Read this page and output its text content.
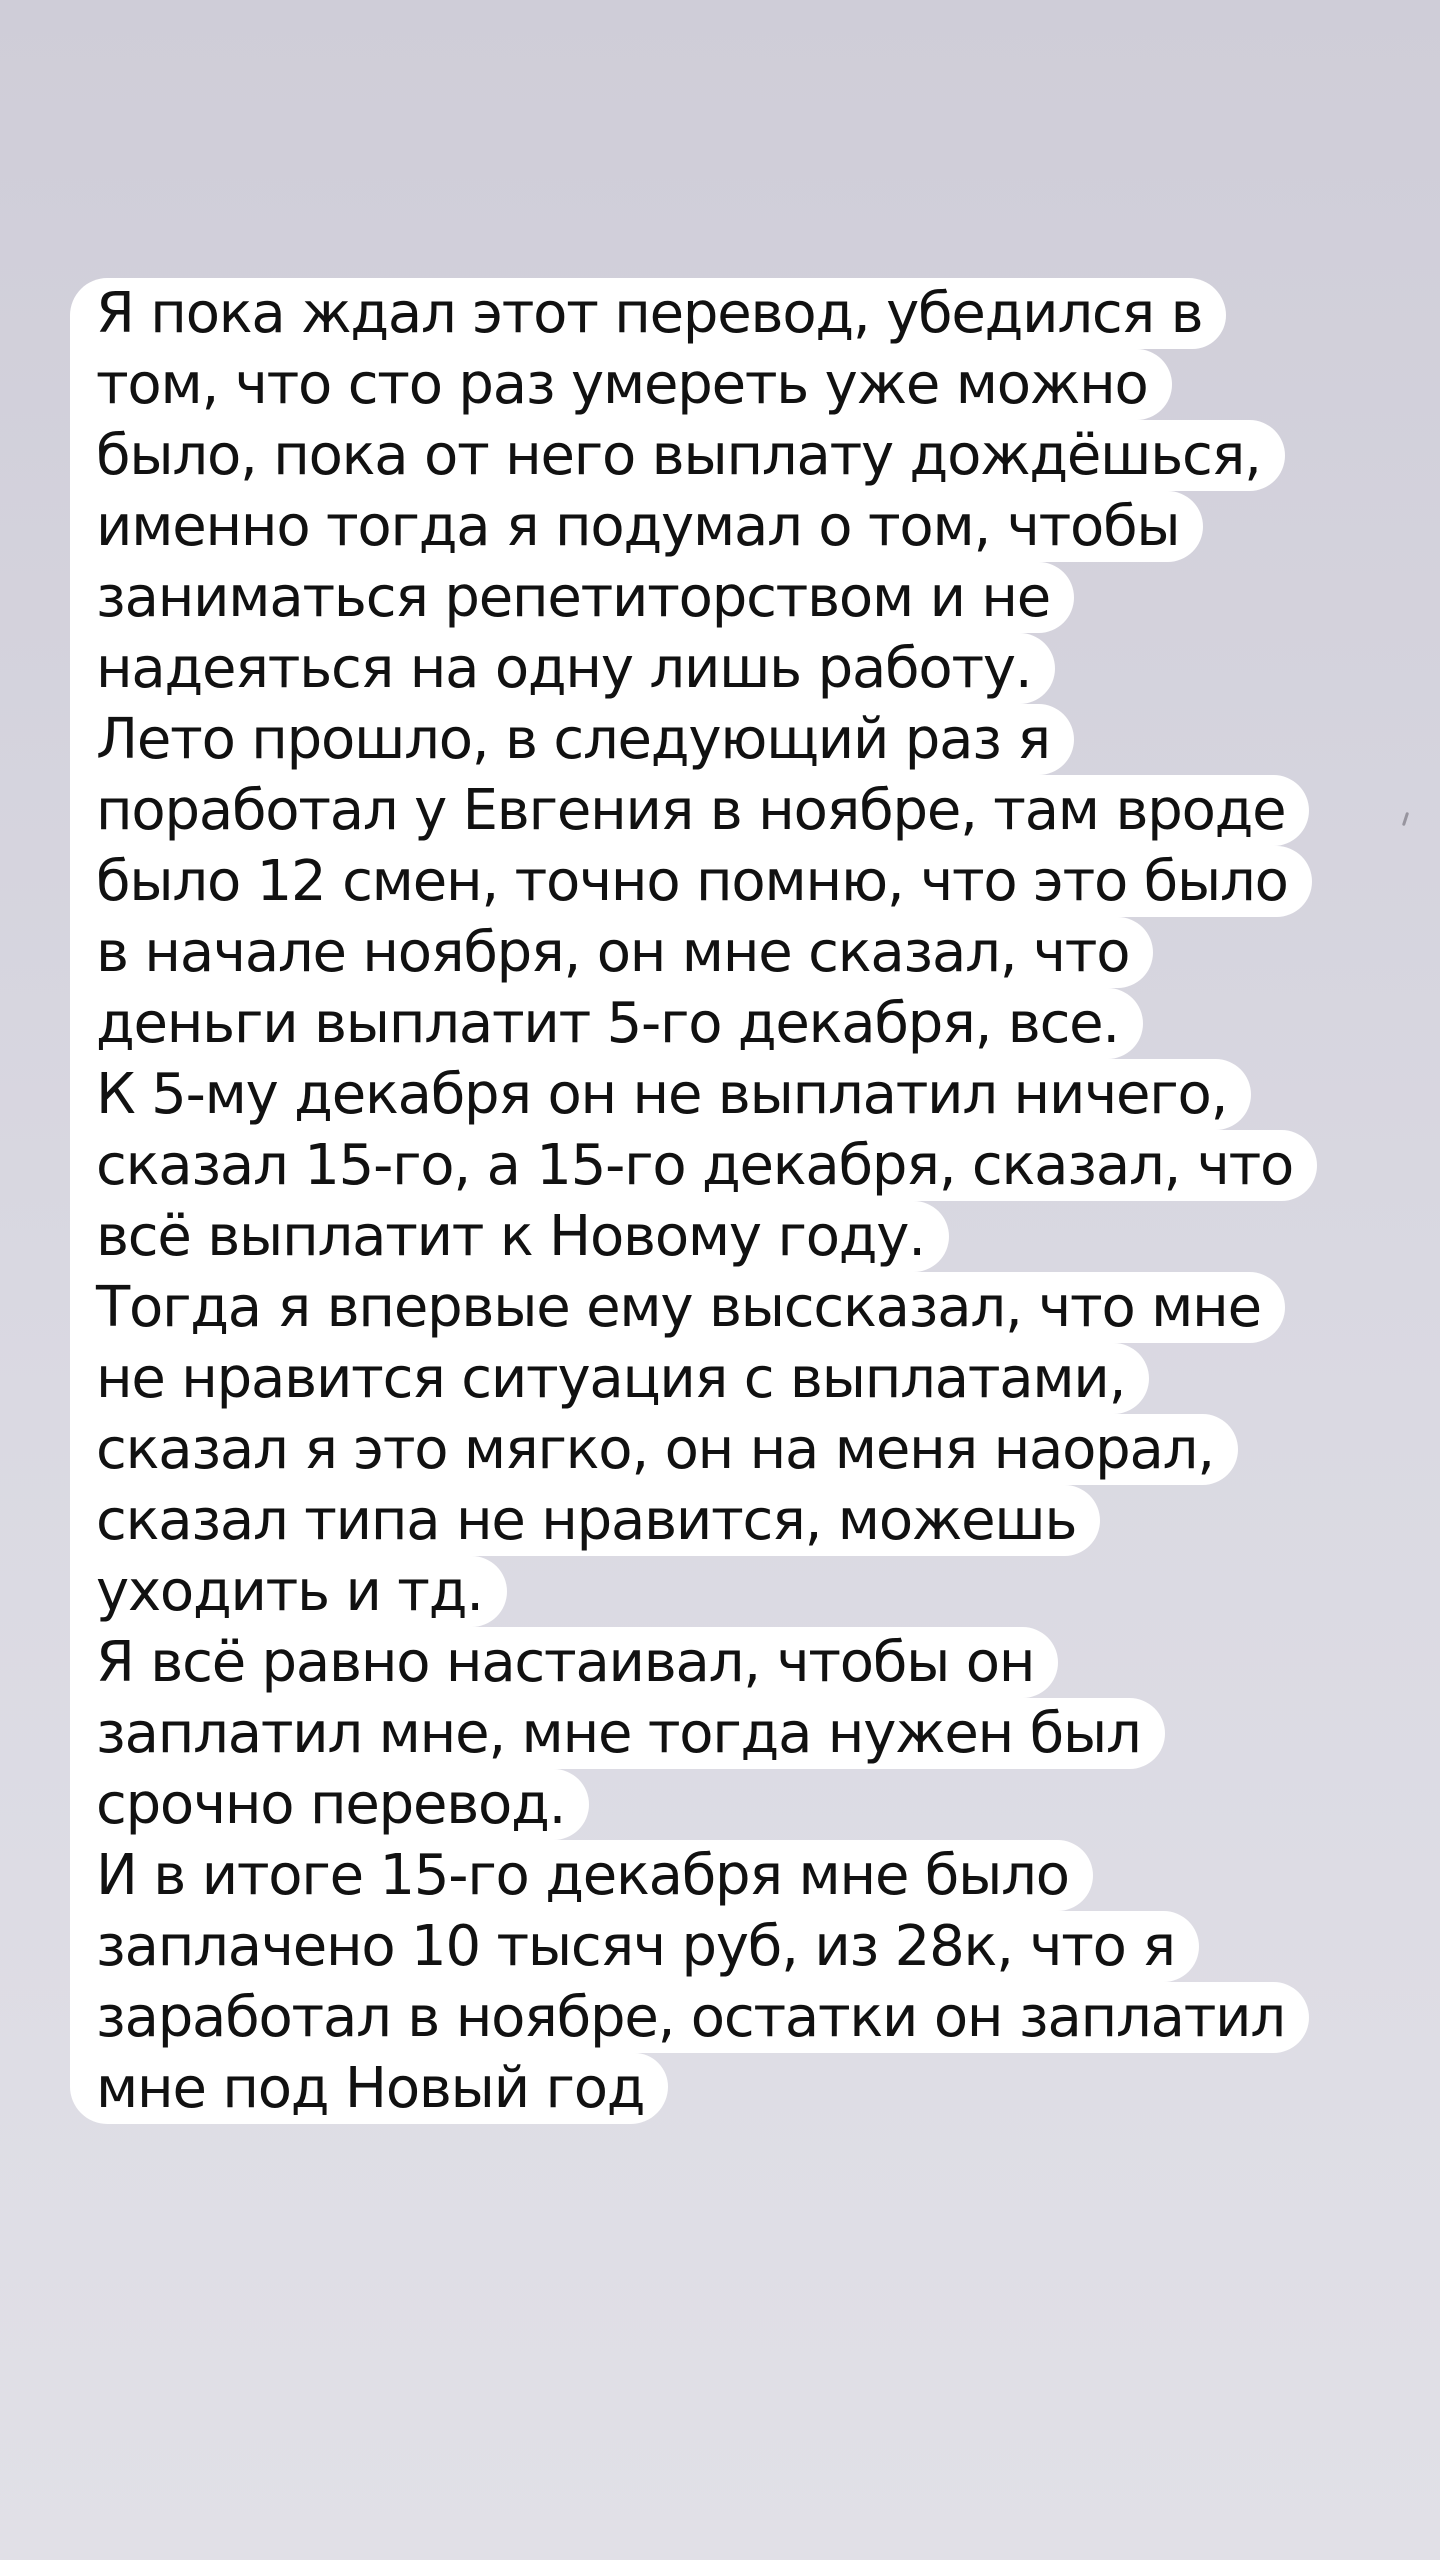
Я пока ждал этот перевод, убедился в
том, что сто раз умереть уже можно
было, пока от него выплату дождёшься,
именно тогда я подумал о том, чтобы
заниматься репетиторством и не
надеяться на одну лишь работу.
Лето прошло, в следующий раз я
поработал у Евгения в ноябре, там вроде
было 12 смен, точно помню, что это было
в начале ноября, он мне сказал, что
деньги выплатит 5-го декабря, все.
К 5-му декабря он не выплатил ничего,
сказал 15-го, а 15-го декабря, сказал, что
всё выплатит к Новому году.
Тогда я впервые ему выссказал, что мне
не нравится ситуация с выплатами,
сказал я это мягко, он на меня наорал,
сказал типа не нравится, можешь
уходить и тд.
Я всё равно настаивал, чтобы он
заплатил мне, мне тогда нужен был
срочно перевод.
И в итоге 15-го декабря мне было
заплачено 10 тысяч руб, из 28к, что я
заработал в ноябре, остатки он заплатил
мне под Новый год
